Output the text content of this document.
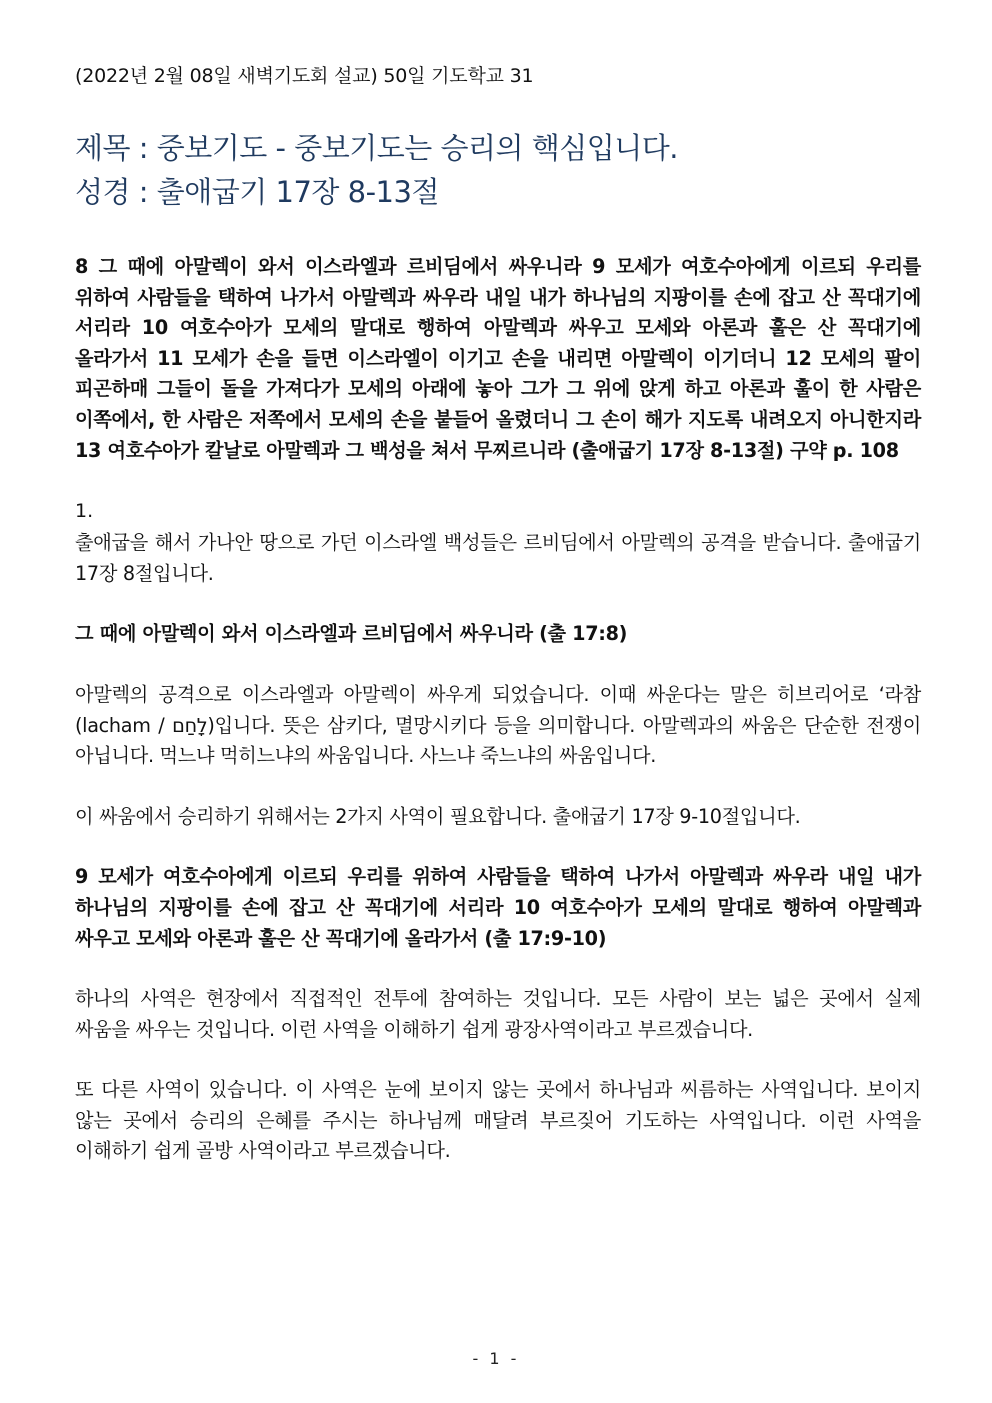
(2022년 2월 08일 새벽기도회 설교) 50일 기도학교 31

제목 : 중보기도 - 중보기도는 승리의 핵심입니다.

성경 : 출애굽기 17장 8-13절

8 그 때에 아말렉이 와서 이스라엘과 르비딤에서 싸우니라 9 모세가 여호수아에게 이르되 우리를 위하여 사람들을 택하여 나가서 아말렉과 싸우라 내일 내가 하나님의 지팡이를 손에 잡고 산 꼭대기에 서리라 10 여호수아가 모세의 말대로 행하여 아말렉과 싸우고 모세와 아론과 훌은 산 꼭대기에 올라가서 11 모세가 손을 들면 이스라엘이 이기고 손을 내리면 아말렉이 이기더니 12 모세의 팔이 피곤하매 그들이 돌을 가져다가 모세의 아래에 놓아 그가 그 위에 앉게 하고 아론과 훌이 한 사람은 이쪽에서, 한 사람은 저쪽에서 모세의 손을 붙들어 올렸더니 그 손이 해가 지도록 내려오지 아니한지라 13 여호수아가 칼날로 아말렉과 그 백성을 쳐서 무찌르니라 (출애굽기 17장 8-13절) 구약 p. 108

1.

출애굽을 해서 가나안 땅으로 가던 이스라엘 백성들은 르비딤에서 아말렉의 공격을 받습니다. 출애굽기 17장 8절입니다.

그 때에 아말렉이 와서 이스라엘과 르비딤에서 싸우니라 (출 17:8)

아말렉의 공격으로 이스라엘과 아말렉이 싸우게 되었습니다. 이때 싸운다는 말은 히브리어로 ‘라참(lacham / לָחַם)입니다. 뜻은 삼키다, 멸망시키다 등을 의미합니다. 아말렉과의 싸움은 단순한 전쟁이 아닙니다. 먹느냐 먹히느냐의 싸움입니다. 사느냐 죽느냐의 싸움입니다.

이 싸움에서 승리하기 위해서는 2가지 사역이 필요합니다. 출애굽기 17장 9-10절입니다.

9 모세가 여호수아에게 이르되 우리를 위하여 사람들을 택하여 나가서 아말렉과 싸우라 내일 내가 하나님의 지팡이를 손에 잡고 산 꼭대기에 서리라 10 여호수아가 모세의 말대로 행하여 아말렉과 싸우고 모세와 아론과 훌은 산 꼭대기에 올라가서 (출 17:9-10)

하나의 사역은 현장에서 직접적인 전투에 참여하는 것입니다. 모든 사람이 보는 넓은 곳에서 실제 싸움을 싸우는 것입니다. 이런 사역을 이해하기 쉽게 광장사역이라고 부르겠습니다.

또 다른 사역이 있습니다. 이 사역은 눈에 보이지 않는 곳에서 하나님과 씨름하는 사역입니다. 보이지 않는 곳에서 승리의 은혜를 주시는 하나님께 매달려 부르짖어 기도하는 사역입니다. 이런 사역을 이해하기 쉽게 골방 사역이라고 부르겠습니다.

- 1 -
